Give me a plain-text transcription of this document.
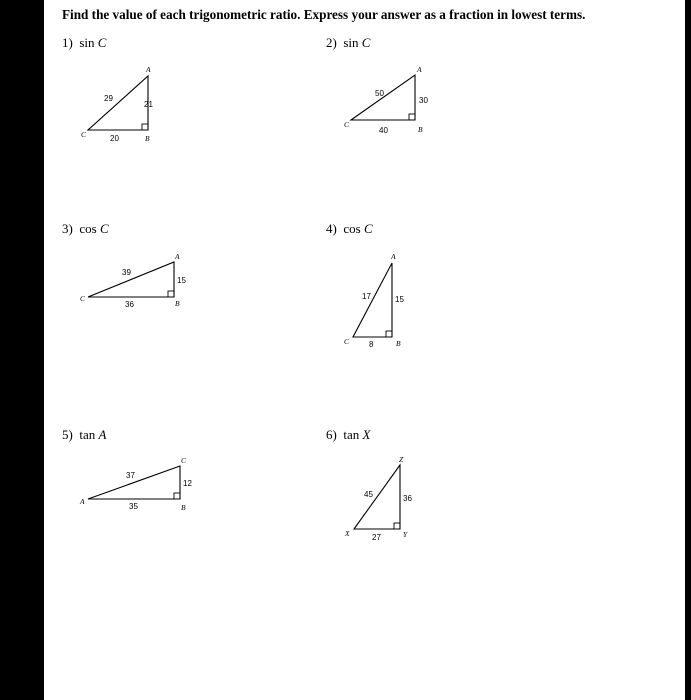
Find the value of each trigonometric ratio. Express your answer as a fraction in lowest terms.
1) sin C	2) sin C
3) cos C	4) cos C
5) tan A	6) tan X
29
21
20
A
B
C
50
30
40
A
B
C
39
15
36
A
B
C	17	15
8
A
B
C
37
12
35
A
B
C
45	36
27
X	Y
Z
